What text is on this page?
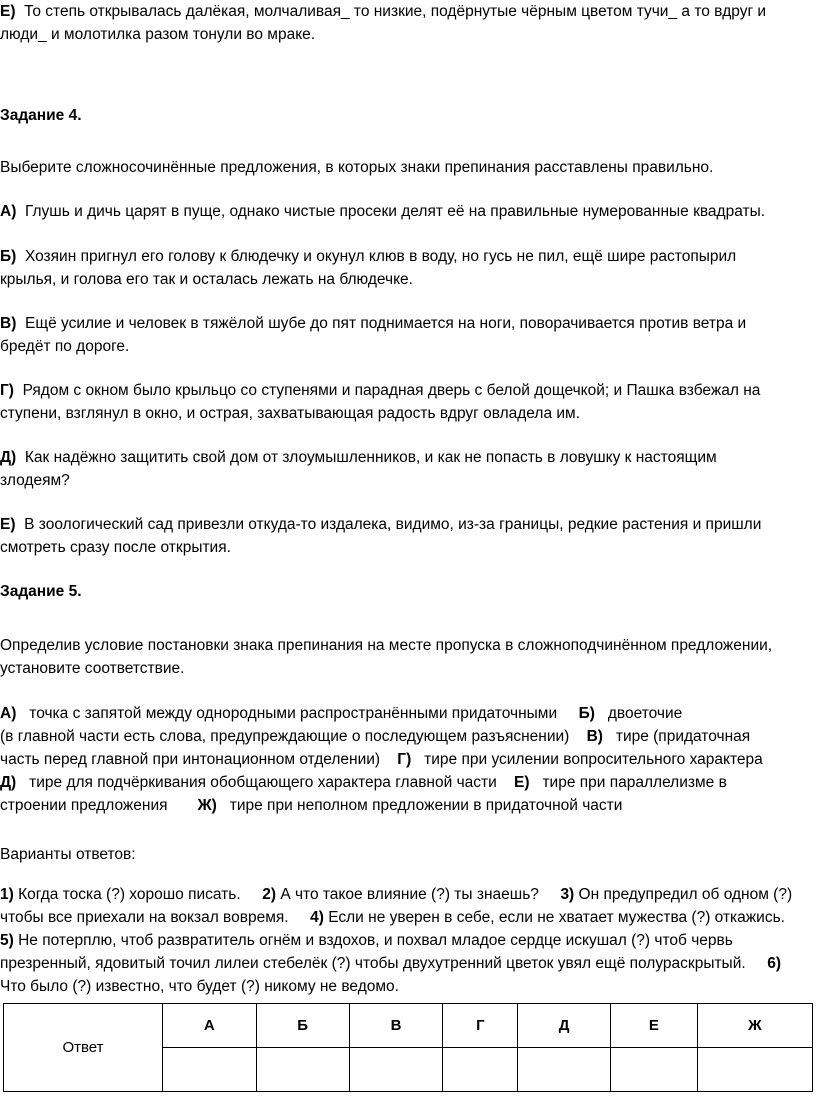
Е) То степь открывалась далёкая, молчаливая_ то низкие, подёрнутые чёрным цветом тучи_ а то вдруг и

люди_ и молотилка разом тонули во мраке.

Задание 4.

Выберите сложносочинённые предложения, в которых знаки препинания расставлены правильно.

А) Глушь и дичь царят в пуще, однако чистые просеки делят её на правильные нумерованные квадраты.

Б) Хозяин пригнул его голову к блюдечку и окунул клюв в воду, но гусь не пил, ещё шире растопырил

крылья, и голова его так и осталась лежать на блюдечке.

В) Ещё усилие и человек в тяжёлой шубе до пят поднимается на ноги, поворачивается против ветра и

бредёт по дороге.

Г) Рядом с окном было крыльцо со ступенями и парадная дверь с белой дощечкой; и Пашка взбежал на

ступени, взглянул в окно, и острая, захватывающая радость вдруг овладела им.

Д) Как надёжно защитить свой дом от злоумышленников, и как не попасть в ловушку к настоящим

злодеям?

Е) В зоологический сад привезли откуда-то издалека, видимо, из-за границы, редкие растения и пришли

смотреть сразу после открытия.

Задание 5.

Определив условие постановки знака препинания на месте пропуска в сложноподчинённом предложении,

установите соответствие.

А) точка с запятой между однородными распространёнными придаточными Б) двоеточие

(в главной части есть слова, предупреждающие о последующем разъяснении) В) тире (придаточная

часть перед главной при интонационном отделении) Г) тире при усилении вопросительного характера

Д) тире для подчёркивания обобщающего характера главной части Е) тире при параллелизме в

строении предложения Ж) тире при неполном предложении в придаточной части

Варианты ответов:

1) Когда тоска (?) хорошо писать. 2) А что такое влияние (?) ты знаешь? 3) Он предупредил об одном (?)

чтобы все приехали на вокзал вовремя. 4) Если не уверен в себе, если не хватает мужества (?) откажись.

5) Не потерплю, чтоб развратитель огнём и вздохов, и похвал младое сердце искушал (?) чтоб червь

презренный, ядовитый точил лилеи стебелёк (?) чтобы двухутренний цветок увял ещё полураскрытый. 6)

Что было (?) известно, что будет (?) никому не ведомо.

Ответ	А	Б	В	Г	Д	Е	Ж
